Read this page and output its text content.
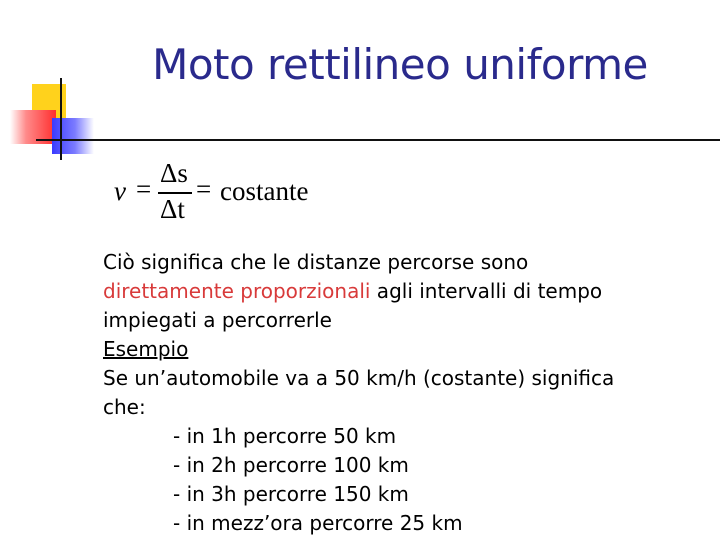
Moto rettilineo uniforme
v =
Δs
Δt
= costante

Ciò significa che le distanze percorse sono

direttamente proporzionali agli intervalli di tempo

impiegati a percorrerle

Esempio

Se un’automobile va a 50 km/h (costante) significa

che:

- in 1h percorre 50 km

- in 2h percorre 100 km

- in 3h percorre 150 km

- in mezz’ora percorre 25 km
